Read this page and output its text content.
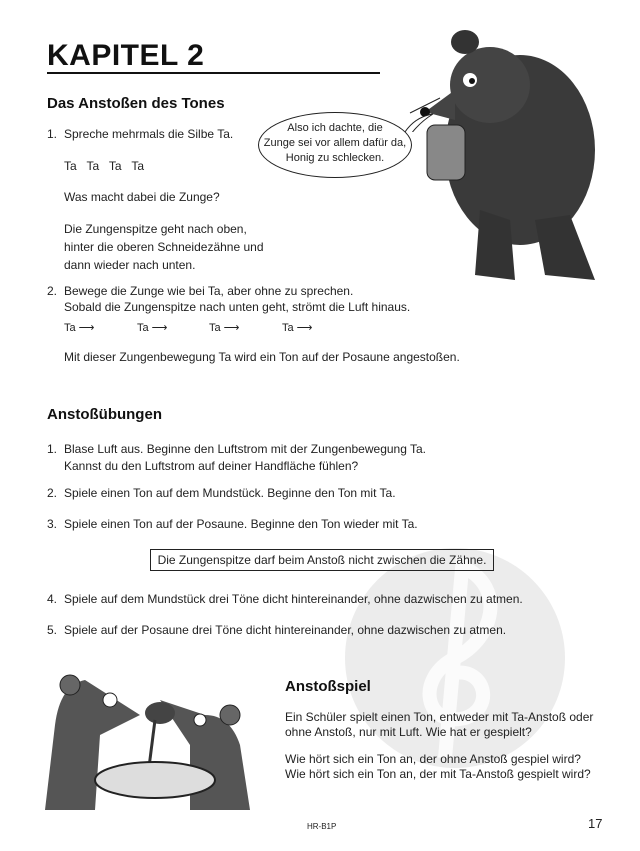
KAPITEL 2
Das Anstoßen des Tones
1. Spreche mehrmals die Silbe Ta.
Ta   Ta   Ta   Ta
Was macht dabei die Zunge?
Die Zungenspitze geht nach oben,
hinter die oberen Schneidezähne und
dann wieder nach unten.
2. Bewege die Zunge wie bei Ta, aber ohne zu sprechen.
Sobald die Zungenspitze nach unten geht, strömt die Luft hinaus.
Ta ⟶	Ta ⟶	Ta ⟶	Ta ⟶
Mit dieser Zungenbewegung Ta wird ein Ton auf der Posaune angestoßen.
Also ich dachte, die
Zunge sei vor allem dafür da,
Honig zu schlecken.
Anstoßübungen
1. Blase Luft aus. Beginne den Luftstrom mit der Zungenbewegung Ta.
Kannst du den Luftstrom auf deiner Handfläche fühlen?
2. Spiele einen Ton auf dem Mundstück. Beginne den Ton mit Ta.
3. Spiele einen Ton auf der Posaune. Beginne den Ton wieder mit Ta.
Die Zungenspitze darf beim Anstoß nicht zwischen die Zähne.
4. Spiele auf dem Mundstück drei Töne dicht hintereinander, ohne dazwischen zu atmen.
5. Spiele auf der Posaune drei Töne dicht hintereinander, ohne dazwischen zu atmen.
Anstoßspiel
Ein Schüler spielt einen Ton, entweder mit Ta-Anstoß oder
ohne Anstoß, nur mit Luft. Wie hat er gespielt?
Wie hört sich ein Ton an, der ohne Anstoß gespiel wird?
Wie hört sich ein Ton an, der mit Ta-Anstoß gespielt wird?
HR-B1P	17
